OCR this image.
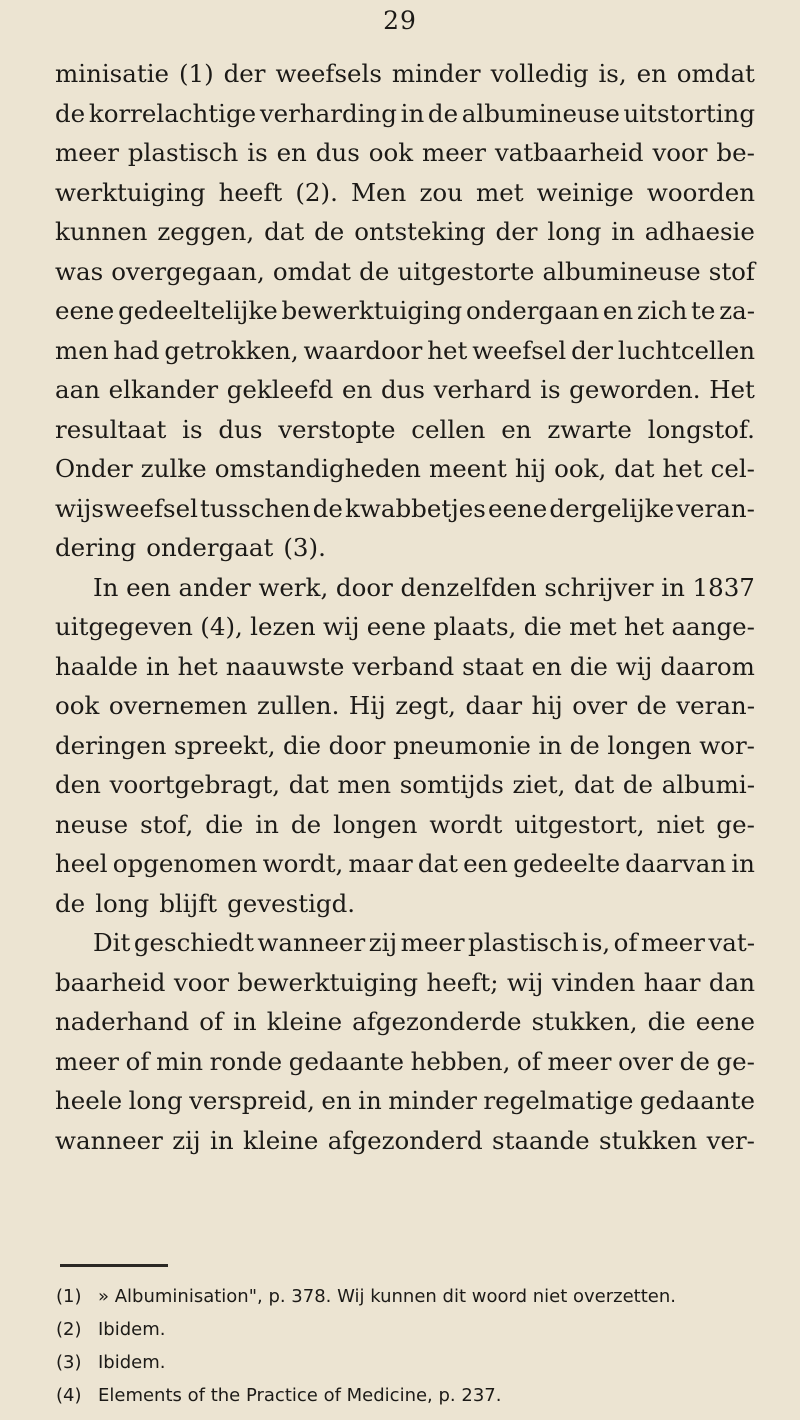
29
minisatie (1) der weefsels minder volledig is, en omdat
de korrelachtige verharding in de albumineuse uitstorting
meer plastisch is en dus ook meer vatbaarheid voor be-
werktuiging heeft (2). Men zou met weinige woorden
kunnen zeggen, dat de ontsteking der long in adhaesie
was overgegaan, omdat de uitgestorte albumineuse stof
eene gedeeltelijke bewerktuiging ondergaan en zich te za-
men had getrokken, waardoor het weefsel der luchtcellen
aan elkander gekleefd en dus verhard is geworden. Het
resultaat is dus verstopte cellen en zwarte longstof.
Onder zulke omstandigheden meent hij ook, dat het cel-
wijsweefsel tusschen de kwabbetjes eene dergelijke veran-
dering ondergaat (3).
In een ander werk, door denzelfden schrijver in 1837
uitgegeven (4), lezen wij eene plaats, die met het aange-
haalde in het naauwste verband staat en die wij daarom
ook overnemen zullen. Hij zegt, daar hij over de veran-
deringen spreekt, die door pneumonie in de longen wor-
den voortgebragt, dat men somtijds ziet, dat de albumi-
neuse stof, die in de longen wordt uitgestort, niet ge-
heel opgenomen wordt, maar dat een gedeelte daarvan in
de long blijft gevestigd.
Dit geschiedt wanneer zij meer plastisch is, of meer vat-
baarheid voor bewerktuiging heeft; wij vinden haar dan
naderhand of in kleine afgezonderde stukken, die eene
meer of min ronde gedaante hebben, of meer over de ge-
heele long verspreid, en in minder regelmatige gedaante
wanneer zij in kleine afgezonderd staande stukken ver-
(1) » Albuminisation", p. 378. Wij kunnen dit woord niet overzetten.
(2) Ibidem.
(3) Ibidem.
(4) Elements of the Practice of Medicine, p. 237.
